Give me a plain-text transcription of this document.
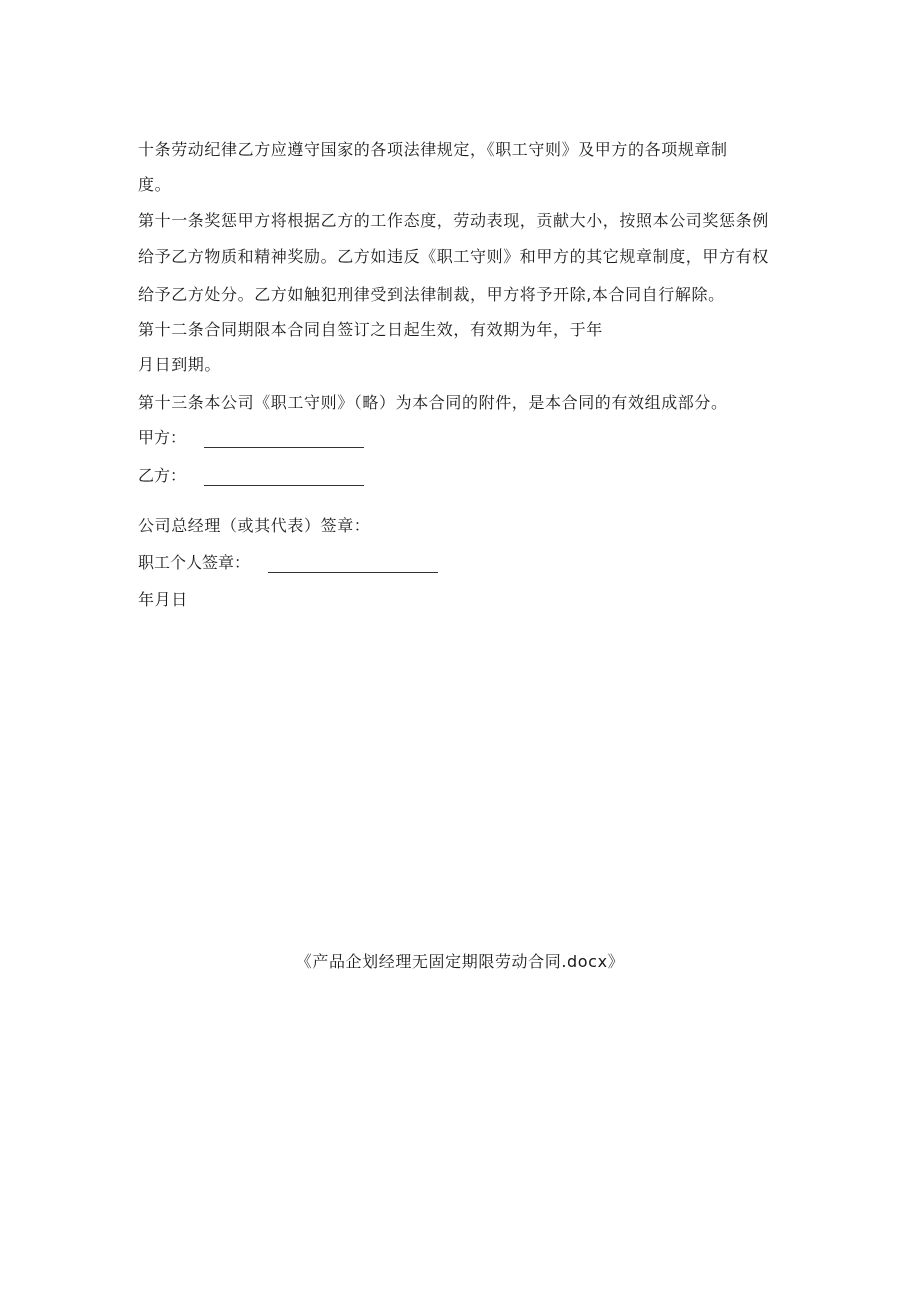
十条劳动纪律乙方应遵守国家的各项法律规定，《职工守则》及甲方的各项规章制
度。
第十一条奖惩甲方将根据乙方的工作态度，劳动表现，贡献大小，按照本公司奖惩条例
给予乙方物质和精神奖励。乙方如违反《职工守则》和甲方的其它规章制度，甲方有权
给予乙方处分。乙方如触犯刑律受到法律制裁，甲方将予开除,本合同自行解除。
第十二条合同期限本合同自签订之日起生效，有效期为年，于年
月日到期。
第十三条本公司《职工守则》（略）为本合同的附件，是本合同的有效组成部分。
甲方：
乙方：
公司总经理（或其代表）签章：
职工个人签章：
年月日
《产品企划经理无固定期限劳动合同.docx》
